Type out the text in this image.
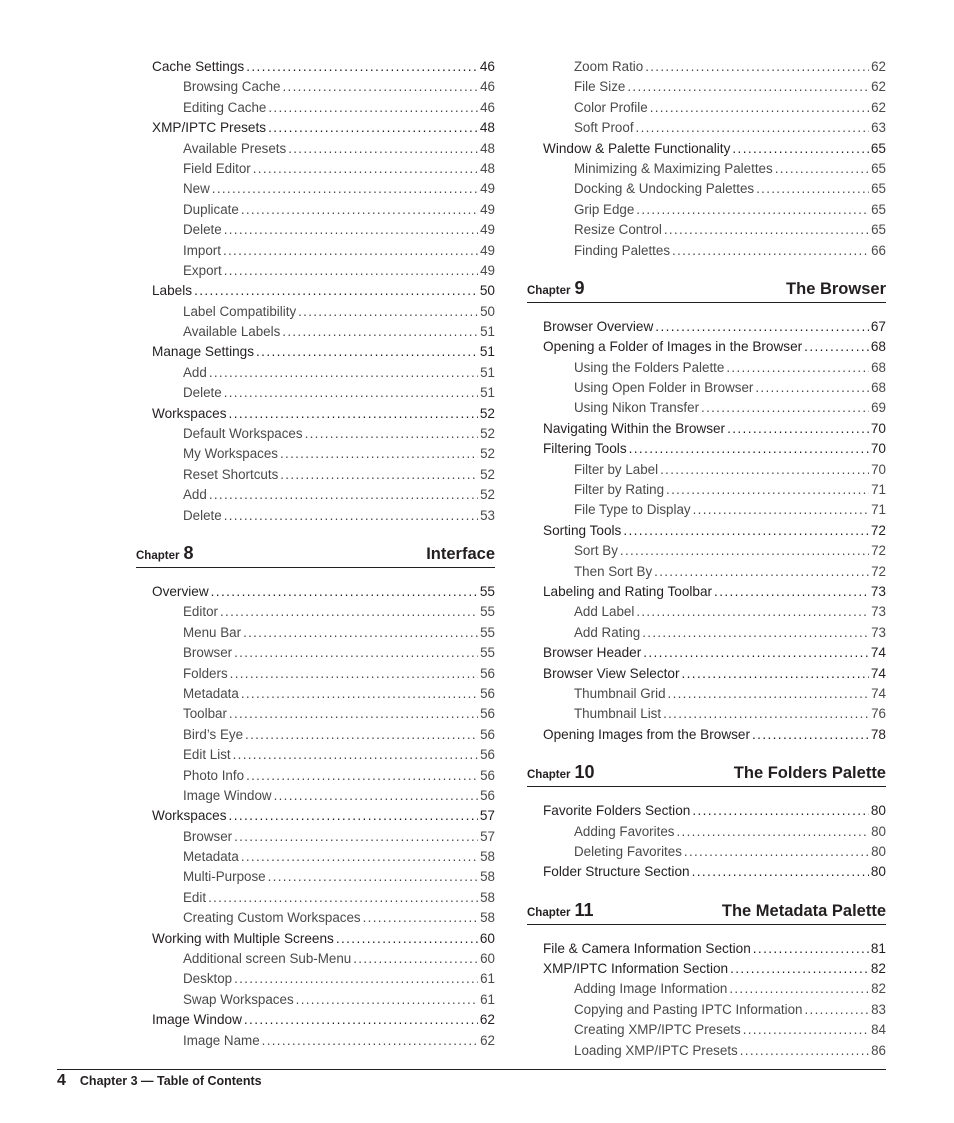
Cache Settings . . .	46
Browsing Cache . . .	46
Editing Cache . . .	46
XMP/IPTC Presets . . .	48
Available Presets . . .	48
Field Editor . . .	48
New . . .	49
Duplicate . . .	49
Delete . . .	49
Import . . .	49
Export . . .	49
Labels . . .	50
Label Compatibility . . .	50
Available Labels . . .	51
Manage Settings . . .	51
Add . . .	51
Delete . . .	51
Workspaces . . .	52
Default Workspaces . . .	52
My Workspaces . . .	52
Reset Shortcuts . . .	52
Add . . .	52
Delete . . .	53
Chapter 8	Interface
Overview . . .	55
Editor . . .	55
Menu Bar . . .	55
Browser . . .	55
Folders . . .	56
Metadata . . .	56
Toolbar . . .	56
Bird’s Eye . . .	56
Edit List . . .	56
Photo Info . . .	56
Image Window . . .	56
Workspaces . . .	57
Browser . . .	57
Metadata . . .	58
Multi-Purpose . . .	58
Edit . . .	58
Creating Custom Workspaces . . .	58
Working with Multiple Screens . . .	60
Additional screen Sub-Menu . . .	60
Desktop . . .	61
Swap Workspaces . . .	61
Image Window . . .	62
Image Name . . .	62
Zoom Ratio . . .	62
File Size . . .	62
Color Profile . . .	62
Soft Proof . . .	63
Window & Palette Functionality . . .	65
Minimizing & Maximizing Palettes . . .	65
Docking & Undocking Palettes . . .	65
Grip Edge . . .	65
Resize Control . . .	65
Finding Palettes . . .	66
Chapter 9	The Browser
Browser Overview . . .	67
Opening a Folder of Images in the Browser . . .	68
Using the Folders Palette . . .	68
Using Open Folder in Browser . . .	68
Using Nikon Transfer . . .	69
Navigating Within the Browser . . .	70
Filtering Tools . . .	70
Filter by Label . . .	70
Filter by Rating . . .	71
File Type to Display . . .	71
Sorting Tools . . .	72
Sort By . . .	72
Then Sort By . . .	72
Labeling and Rating Toolbar . . .	73
Add Label . . .	73
Add Rating . . .	73
Browser Header . . .	74
Browser View Selector . . .	74
Thumbnail Grid . . .	74
Thumbnail List . . .	76
Opening Images from the Browser . . .	78
Chapter 10	The Folders Palette
Favorite Folders Section . . .	80
Adding Favorites . . .	80
Deleting Favorites . . .	80
Folder Structure Section . . .	80
Chapter 11	The Metadata Palette
File & Camera Information Section . . .	81
XMP/IPTC Information Section . . .	82
Adding Image Information . . .	82
Copying and Pasting IPTC Information . . .	83
Creating XMP/IPTC Presets . . .	84
Loading XMP/IPTC Presets . . .	86
4 Chapter 3 — Table of Contents
